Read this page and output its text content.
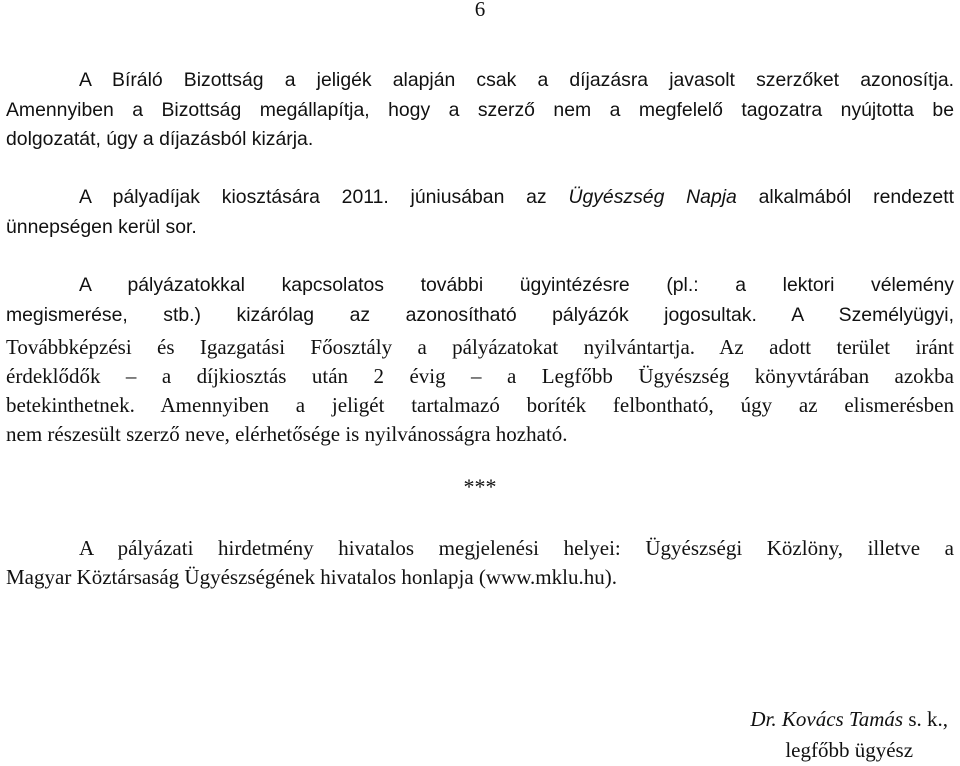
6
A Bíráló Bizottság a jeligék alapján csak a díjazásra javasolt szerzőket azonosítja.
Amennyiben a Bizottság megállapítja, hogy a szerző nem a megfelelő tagozatra nyújtotta be
dolgozatát, úgy a díjazásból kizárja.
A pályadíjak kiosztására 2011. júniusában az Ügyészség Napja alkalmából rendezett
ünnepségen kerül sor.
A pályázatokkal kapcsolatos további ügyintézésre (pl.: a lektori vélemény
megismerése, stb.) kizárólag az azonosítható pályázók jogosultak. A Személyügyi,
Továbbképzési és Igazgatási Főosztály a pályázatokat nyilvántartja. Az adott terület iránt
érdeklődők – a díjkiosztás után 2 évig – a Legfőbb Ügyészség könyvtárában azokba
betekinthetnek. Amennyiben a jeligét tartalmazó boríték felbontható, úgy az elismerésben
nem részesült szerző neve, elérhetősége is nyilvánosságra hozható.
***
A pályázati hirdetmény hivatalos megjelenési helyei: Ügyészségi Közlöny, illetve a
Magyar Köztársaság Ügyészségének hivatalos honlapja (www.mklu.hu).
Dr. Kovács Tamás s. k.,
legfőbb ügyész
